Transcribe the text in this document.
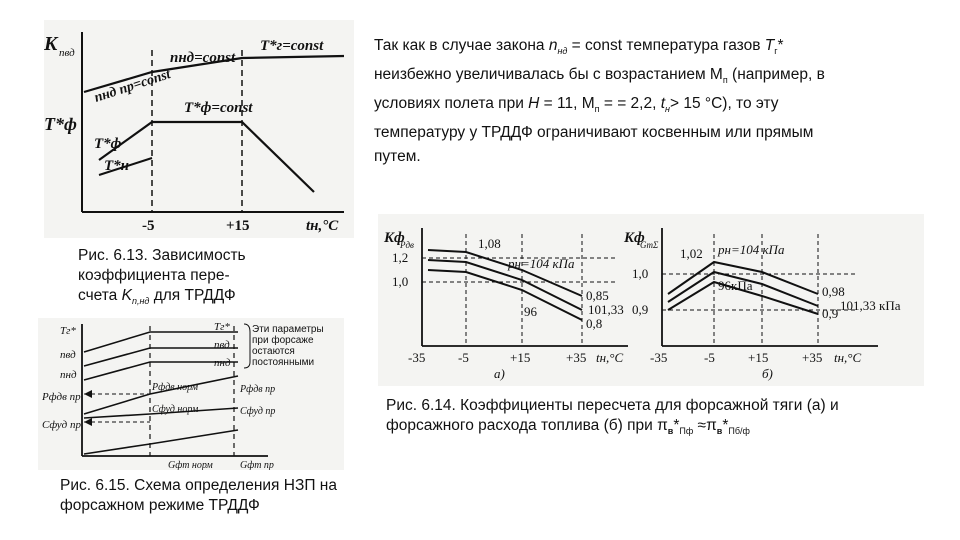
K nвд
T*ф
nнд пр=const
nнд=const
T*г=const
T*ф
T*н
T*ф=const
-5	+15	tн,°C
Рис. 6.13. Зависимость
коэффициента пере-
счета $K_{n,нд}$ для ТРДДФ
Tг*
nвд
nнд
Pфдв пр
Cфуд пр
Tг*
nвд
nнд
Эти параметры
при форсаже
остаются
постоянными
Pфдв норм
Cфуд норм
Pфдв пр
Cфуд пр
Gфт норм	Gфт пр
Рис. 6.15. Схема определения НЗП на
форсажном режиме ТРДДФ
Так как в случае закона $n_{нд}$ = const температура газов $T_г*$
неизбежно увеличивалась бы с возрастанием $M_п$ (например, в
условиях полета при H = 11, $M_п$ = = 2,2, $t_н> 15$ °C), то эту
температуру у ТРДДФ ограничивают косвенным или прямым
путем.
Kф
Pдв
1,2
1,0
-35	-5	+15	+35 tн,°C
1,08
0,85
0,8
pн=104 кПа
96	101,33
а)
Kф
GmΣ
1,0
0,9
-35	-5	+15	+35 tн,°C
1,02
0,98
0,9
pн=104 кПа
96кПа
101,33 кПа
б)
Рис. 6.14. Коэффициенты пересчета для форсажной тяги (а) и
форсажного расхода топлива (б) при $\pi_в*_{Пф} \approx\pi_в*_{Пб/ф}$
